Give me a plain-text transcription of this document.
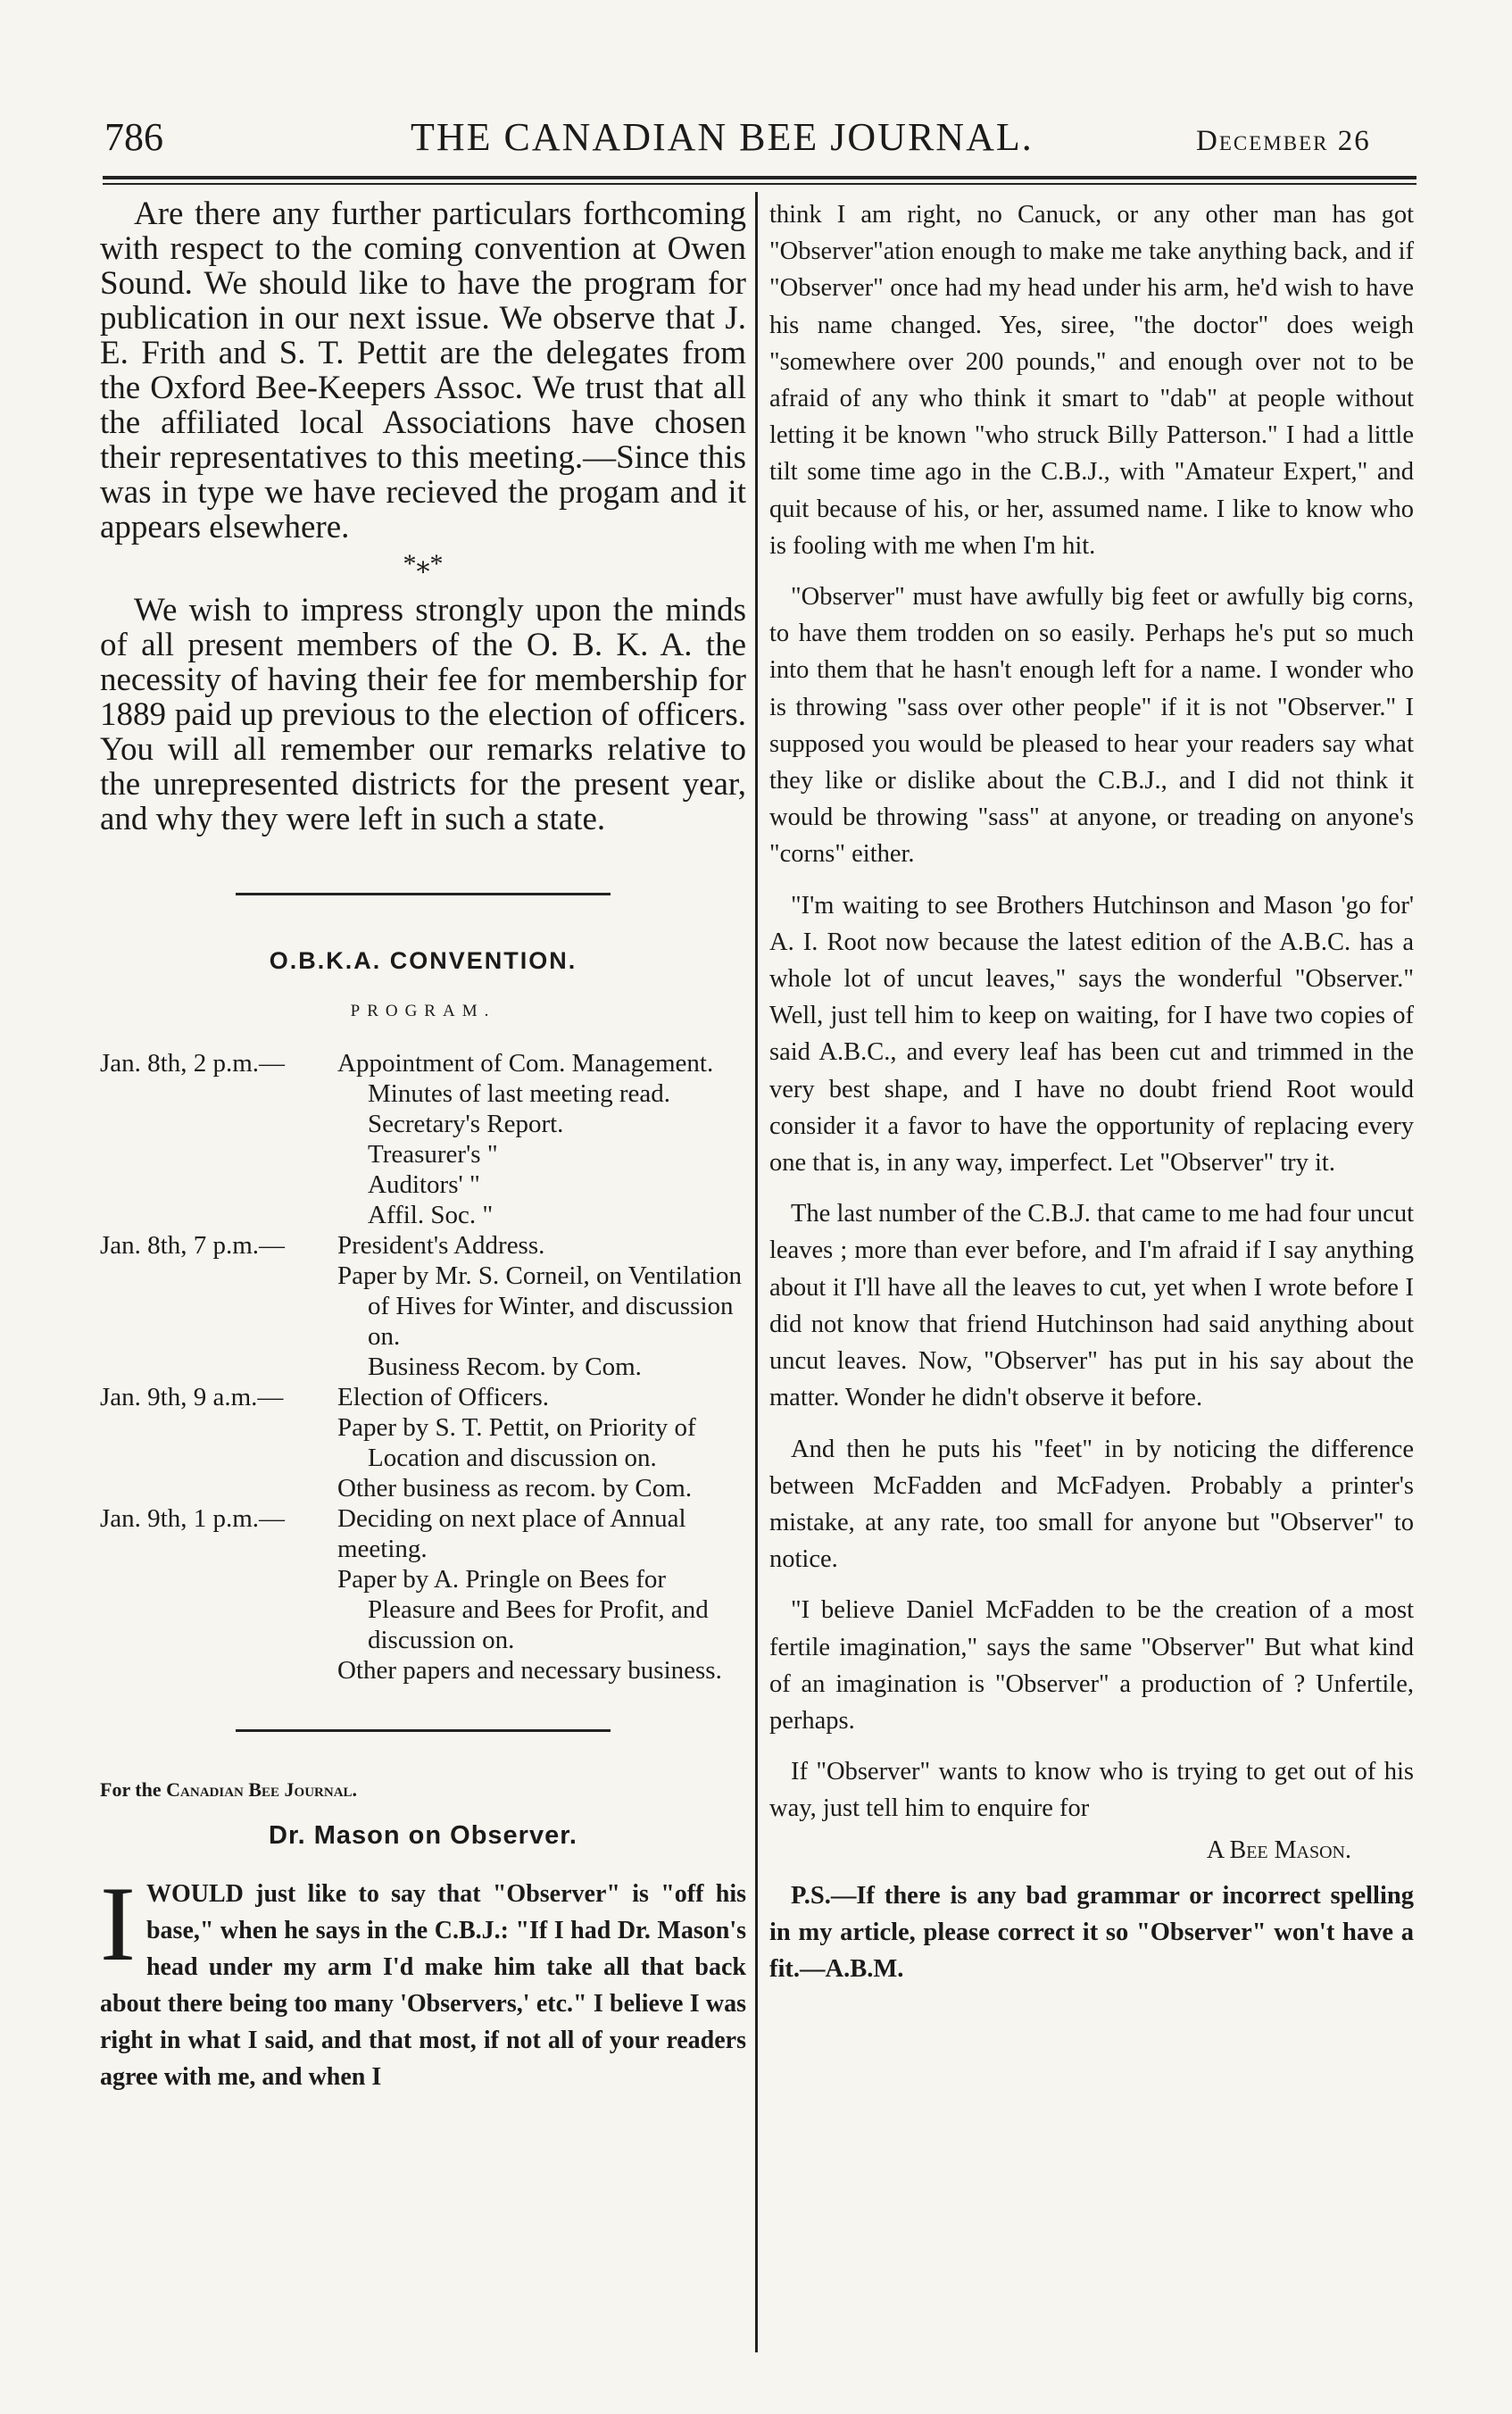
786	THE CANADIAN BEE JOURNAL.	December 26

Are there any further particulars forthcoming with respect to the coming convention at Owen Sound. We should like to have the program for publication in our next issue. We observe that J. E. Frith and S. T. Pettit are the delegates from the Oxford Bee-Keepers Assoc. We trust that all the affiliated local Associations have chosen their representatives to this meeting.—Since this was in type we have recieved the progam and it appears elsewhere.

*⁎*

We wish to impress strongly upon the minds of all present members of the O. B. K. A. the necessity of having their fee for membership for 1889 paid up previous to the election of officers. You will all remember our remarks relative to the unrepresented districts for the present year, and why they were left in such a state.

O.B.K.A. CONVENTION.
PROGRAM.
Jan. 8th, 2 p.m.—	Appointment of Com. Management.
Minutes of last meeting read.
Secretary's Report.
Treasurer's "
Auditors' "
Affil. Soc. "
Jan. 8th, 7 p.m.—	President's Address.
Paper by Mr. S. Corneil, on Ventilation of Hives for Winter, and discussion on.
Business Recom. by Com.
Jan. 9th, 9 a.m.—	Election of Officers.
Paper by S. T. Pettit, on Priority of Location and discussion on.
Other business as recom. by Com.
Jan. 9th, 1 p.m.—	Deciding on next place of Annual meeting.
Paper by A. Pringle on Bees for Pleasure and Bees for Profit, and discussion on.
Other papers and necessary business.
For the Canadian Bee Journal.
Dr. Mason on Observer.

IWOULD just like to say that "Observer" is "off his base," when he says in the C.B.J.: "If I had Dr. Mason's head under my arm I'd make him take all that back about there being too many 'Observers,' etc." I believe I was right in what I said, and that most, if not all of your readers agree with me, and when I

think I am right, no Canuck, or any other man has got "Observer"ation enough to make me take anything back, and if "Observer" once had my head under his arm, he'd wish to have his name changed. Yes, siree, "the doctor" does weigh "somewhere over 200 pounds," and enough over not to be afraid of any who think it smart to "dab" at people without letting it be known "who struck Billy Patterson." I had a little tilt some time ago in the C.B.J., with "Amateur Expert," and quit because of his, or her, assumed name. I like to know who is fooling with me when I'm hit.

"Observer" must have awfully big feet or awfully big corns, to have them trodden on so easily. Perhaps he's put so much into them that he hasn't enough left for a name. I wonder who is throwing "sass over other people" if it is not "Observer." I supposed you would be pleased to hear your readers say what they like or dislike about the C.B.J., and I did not think it would be throwing "sass" at anyone, or treading on anyone's "corns" either.

"I'm waiting to see Brothers Hutchinson and Mason 'go for' A. I. Root now because the latest edition of the A.B.C. has a whole lot of uncut leaves," says the wonderful "Observer." Well, just tell him to keep on waiting, for I have two copies of said A.B.C., and every leaf has been cut and trimmed in the very best shape, and I have no doubt friend Root would consider it a favor to have the opportunity of replacing every one that is, in any way, imperfect. Let "Observer" try it.

The last number of the C.B.J. that came to me had four uncut leaves ; more than ever before, and I'm afraid if I say anything about it I'll have all the leaves to cut, yet when I wrote before I did not know that friend Hutchinson had said anything about uncut leaves. Now, "Observer" has put in his say about the matter. Wonder he didn't observe it before.

And then he puts his "feet" in by noticing the difference between McFadden and McFadyen. Probably a printer's mistake, at any rate, too small for anyone but "Observer" to notice.

"I believe Daniel McFadden to be the creation of a most fertile imagination," says the same "Observer" But what kind of an imagination is "Observer" a production of ? Unfertile, perhaps.

If "Observer" wants to know who is trying to get out of his way, just tell him to enquire for

A Bee Mason.

P.S.—If there is any bad grammar or incorrect spelling in my article, please correct it so "Observer" won't have a fit.—A.B.M.
